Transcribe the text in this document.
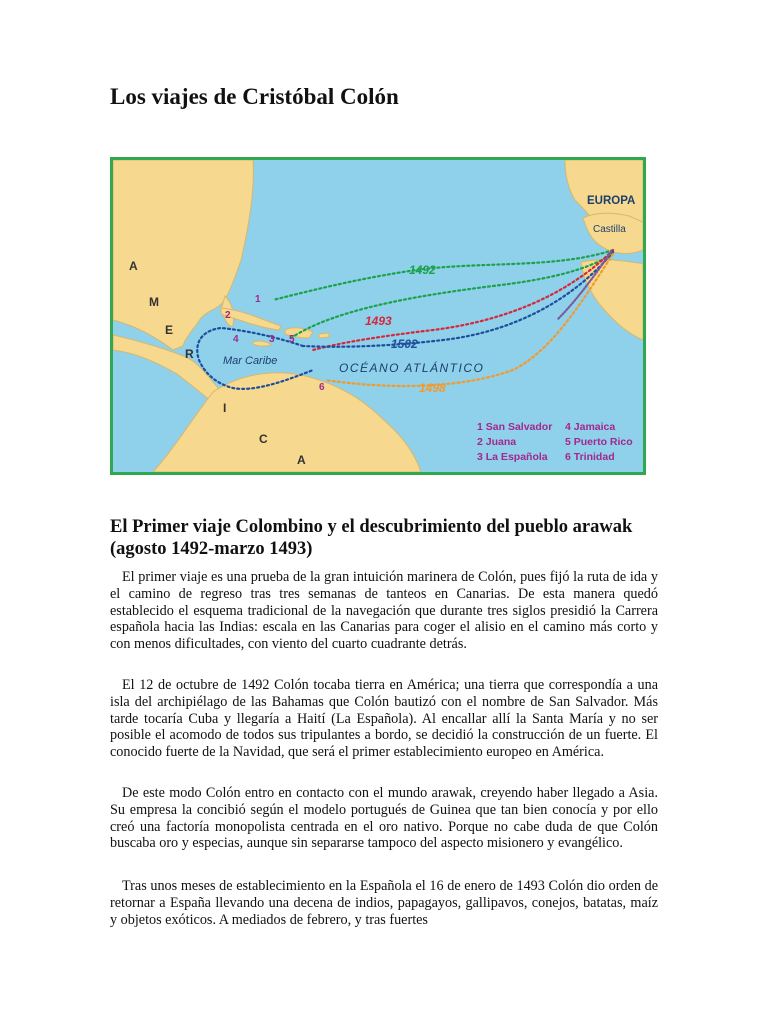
Los viajes de Cristóbal Colón
EUROPA
Castilla
OCÉANO ATLÁNTICO
Mar Caribe
A
M
E
R
I
C
A
1492
1493
1502
1498
1
2
3
4	5
6
1 San Salvador
2 Juana
3 La Española
4 Jamaica
5 Puerto Rico
6 Trinidad
El Primer viaje Colombino y el descubrimiento del pueblo arawak (agosto 1492-marzo 1493)

El primer viaje es una prueba de la gran intuición marinera de Colón, pues fijó la ruta de ida y el camino de regreso tras tres semanas de tanteos en Canarias. De esta manera quedó establecido el esquema tradicional de la navegación que durante tres siglos presidió la Carrera española hacia las Indias: escala en las Canarias para coger el alisio en el camino más corto y con menos dificultades, con viento del cuarto cuadrante detrás.

El 12 de octubre de 1492 Colón tocaba tierra en América; una tierra que correspondía a una isla del archipiélago de las Bahamas que Colón bautizó con el nombre de San Salvador. Más tarde tocaría Cuba y llegaría a Haití (La Española). Al encallar allí la Santa María y no ser posible el acomodo de todos sus tripulantes a bordo, se decidió la construcción de un fuerte. El conocido fuerte de la Navidad, que será el primer establecimiento europeo en América.

De este modo Colón entro en contacto con el mundo arawak, creyendo haber llegado a Asia. Su empresa la concibió según el modelo portugués de Guinea que tan bien conocía y por ello creó una factoría monopolista centrada en el oro nativo. Porque no cabe duda de que Colón buscaba oro y especias, aunque sin separarse tampoco del aspecto misionero y evangélico.

Tras unos meses de establecimiento en la Española el 16 de enero de 1493 Colón dio orden de retornar a España llevando una decena de indios, papagayos, gallipavos, conejos, batatas, maíz y objetos exóticos. A mediados de febrero, y tras fuertes
